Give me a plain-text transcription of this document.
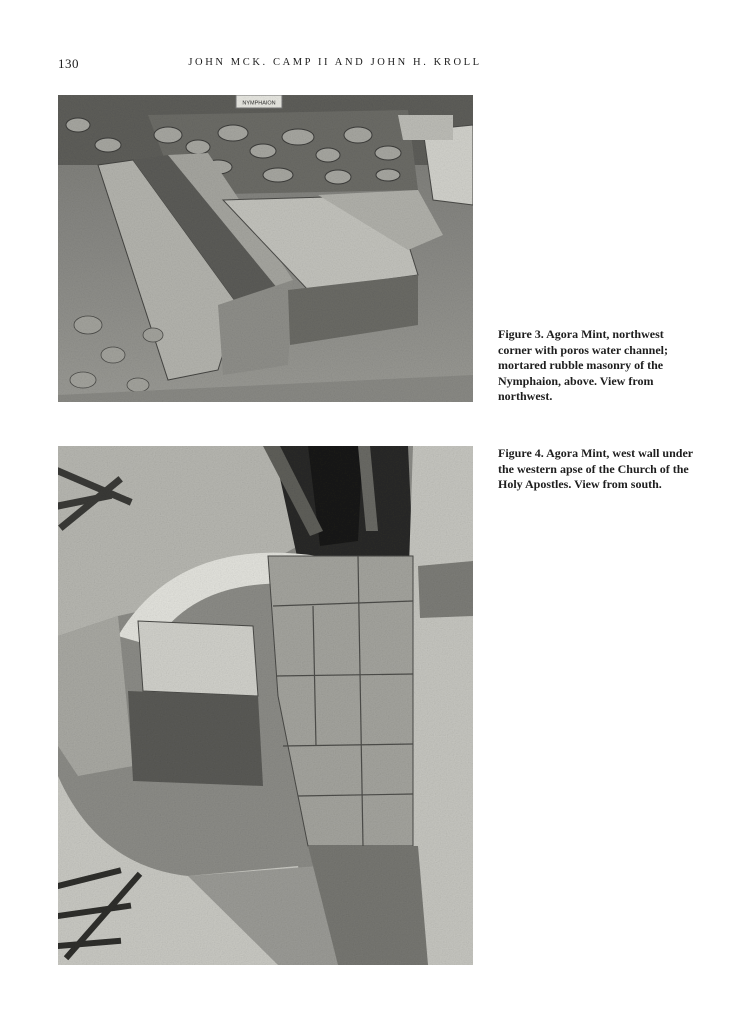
130	JOHN MCK. CAMP II AND JOHN H. KROLL
NYMPHAION
Figure 3. Agora Mint, northwest corner with poros water channel; mortared rubble masonry of the Nymphaion, above. View from northwest.
Figure 4. Agora Mint, west wall under the western apse of the Church of the Holy Apostles. View from south.
